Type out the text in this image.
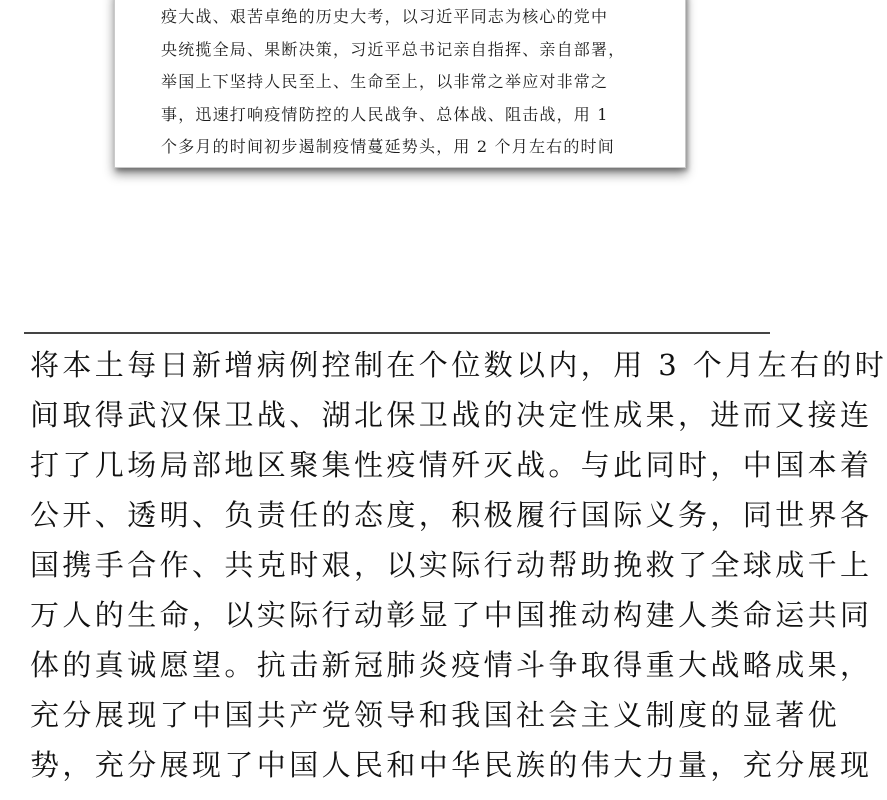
疫大战、艰苦卓绝的历史大考，以习近平同志为核心的党中
央统揽全局、果断决策，习近平总书记亲自指挥、亲自部署，
举国上下坚持人民至上、生命至上，以非常之举应对非常之
事，迅速打响疫情防控的人民战争、总体战、阻击战，用 1
个多月的时间初步遏制疫情蔓延势头，用 2 个月左右的时间
将本土每日新增病例控制在个位数以内，用 3 个月左右的时
间取得武汉保卫战、湖北保卫战的决定性成果，进而又接连
打了几场局部地区聚集性疫情歼灭战。与此同时，中国本着
公开、透明、负责任的态度，积极履行国际义务，同世界各
国携手合作、共克时艰，以实际行动帮助挽救了全球成千上
万人的生命，以实际行动彰显了中国推动构建人类命运共同
体的真诚愿望。抗击新冠肺炎疫情斗争取得重大战略成果，
充分展现了中国共产党领导和我国社会主义制度的显著优
势，充分展现了中国人民和中华民族的伟大力量，充分展现
